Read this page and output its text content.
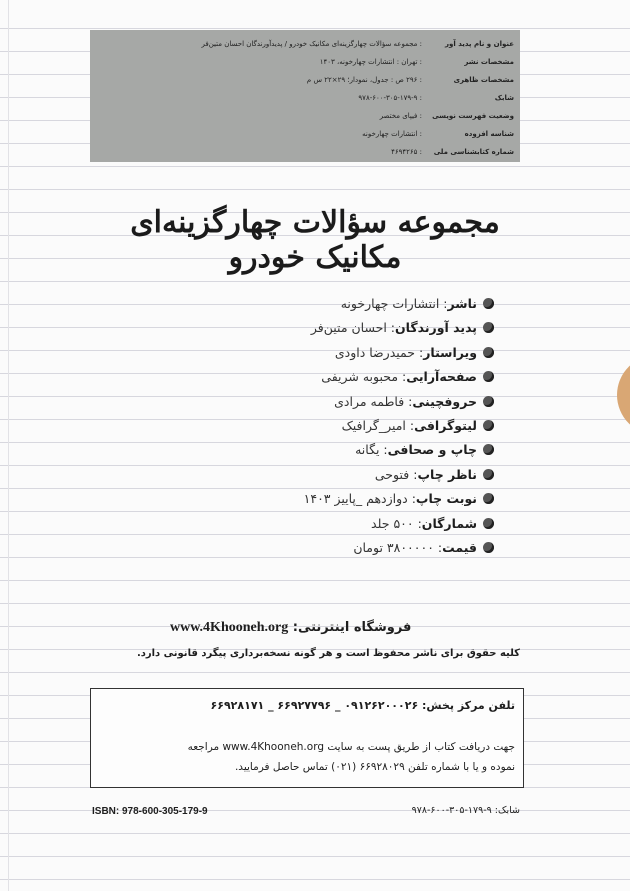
عنوان و نام پدید آور: مجموعه سؤالات چهارگزینه‌ای مکانیک خودرو / پدیدآورندگان احسان متین‌فر
مشخصات نشر: تهران : انتشارات چهارخونه، ۱۴۰۳
مشخصات ظاهری: ۲۹۶ ص : جدول، نمودار؛ ۲۹×۲۲ س م
شابک: ۹۷۸-۶۰۰-۳۰۵-۱۷۹-۹
وضعیت فهرست نویسی: فیپای مختصر
شناسه افزوده: انتشارات چهارخونه
شماره کتابشناسی ملی: ۴۶۹۴۲۶۵
مجموعه سؤالات چهارگزینه‌ای مکانیک خودرو
ناشر: انتشارات چهارخونه
پدید آورندگان: احسان متین‌فر
ویراستار: حمیدرضا داودی
صفحه‌آرایی: محبوبه شریفی
حروفچینی: فاطمه مرادی
لیتوگرافی: امیر_گرافیک
چاپ و صحافی: یگانه
ناظر چاپ: فتوحی
نوبت چاپ: دوازدهم _پاییز ۱۴۰۳
شمارگان: ۵۰۰ جلد
قیمت: ۳۸۰۰۰۰۰ تومان
فروشگاه اینترنتی: www.4Khooneh.org
کلیه حقوق برای ناشر محفوظ است و هر گونه نسخه‌برداری پیگرد قانونی دارد.
تلفن مرکز پخش: ۰۹۱۲۶۲۰۰۰۲۶ _ ۶۶۹۲۷۷۹۶ _ ۶۶۹۲۸۱۷۱
جهت دریافت کتاب از طریق پست به سایت www.4Khooneh.org مراجعه
نموده و یا با شماره تلفن ۶۶۹۲۸۰۲۹ (۰۲۱) تماس حاصل فرمایید.
ISBN: 978-600-305-179-9	شابک: ۹-۱۷۹-۳۰۵-۶۰۰-۹۷۸
